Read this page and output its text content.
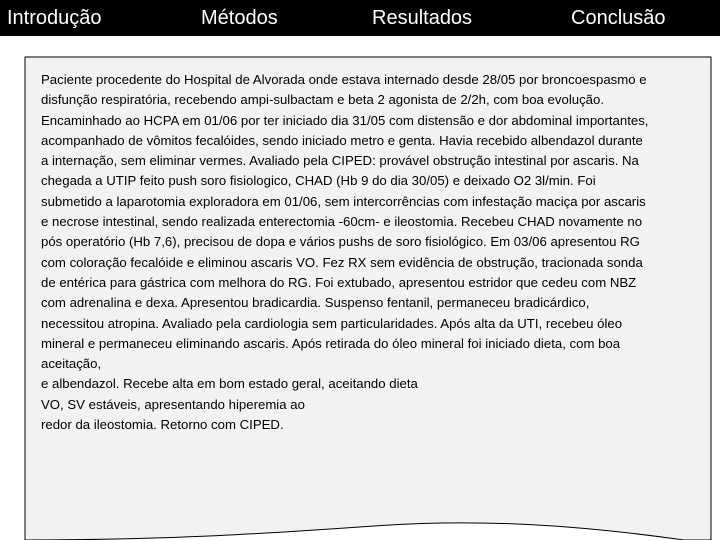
Introdução	Métodos	Resultados	Conclusão
Paciente procedente do Hospital de Alvorada onde estava internado desde 28/05 por broncoespasmo e
disfunção respiratória, recebendo ampi-sulbactam e beta 2 agonista de 2/2h, com boa evolução.
Encaminhado ao HCPA em 01/06 por ter iniciado dia 31/05 com distensão e dor abdominal importantes,
acompanhado de vômitos fecalóides, sendo iniciado metro e genta. Havia recebido albendazol durante
a internação, sem eliminar vermes. Avaliado pela CIPED: provável obstrução intestinal por ascaris. Na
chegada a UTIP feito push soro fisiologico, CHAD (Hb 9 do dia 30/05) e deixado O2 3l/min. Foi
submetido a laparotomia exploradora em 01/06, sem intercorrências com infestação maciça por ascaris
e necrose intestinal, sendo realizada enterectomia -60cm- e ileostomia. Recebeu CHAD novamente no
pós operatório (Hb 7,6), precisou de dopa e vários pushs de soro fisiológico. Em 03/06 apresentou RG
com coloração fecalóide e eliminou ascaris VO. Fez RX sem evidência de obstrução, tracionada sonda
de entérica para gástrica com melhora do RG. Foi extubado, apresentou estridor que cedeu com NBZ
com adrenalina e dexa. Apresentou bradicardia. Suspenso fentanil, permaneceu bradicárdico,
necessitou atropina. Avaliado pela cardiologia sem particularidades. Após alta da UTI, recebeu óleo
mineral e permaneceu eliminando ascaris. Após retirada do óleo mineral foi iniciado dieta, com boa
aceitação,
e albendazol. Recebe alta em bom estado geral, aceitando dieta
VO, SV estáveis, apresentando hiperemia ao
redor da ileostomia. Retorno com CIPED.
